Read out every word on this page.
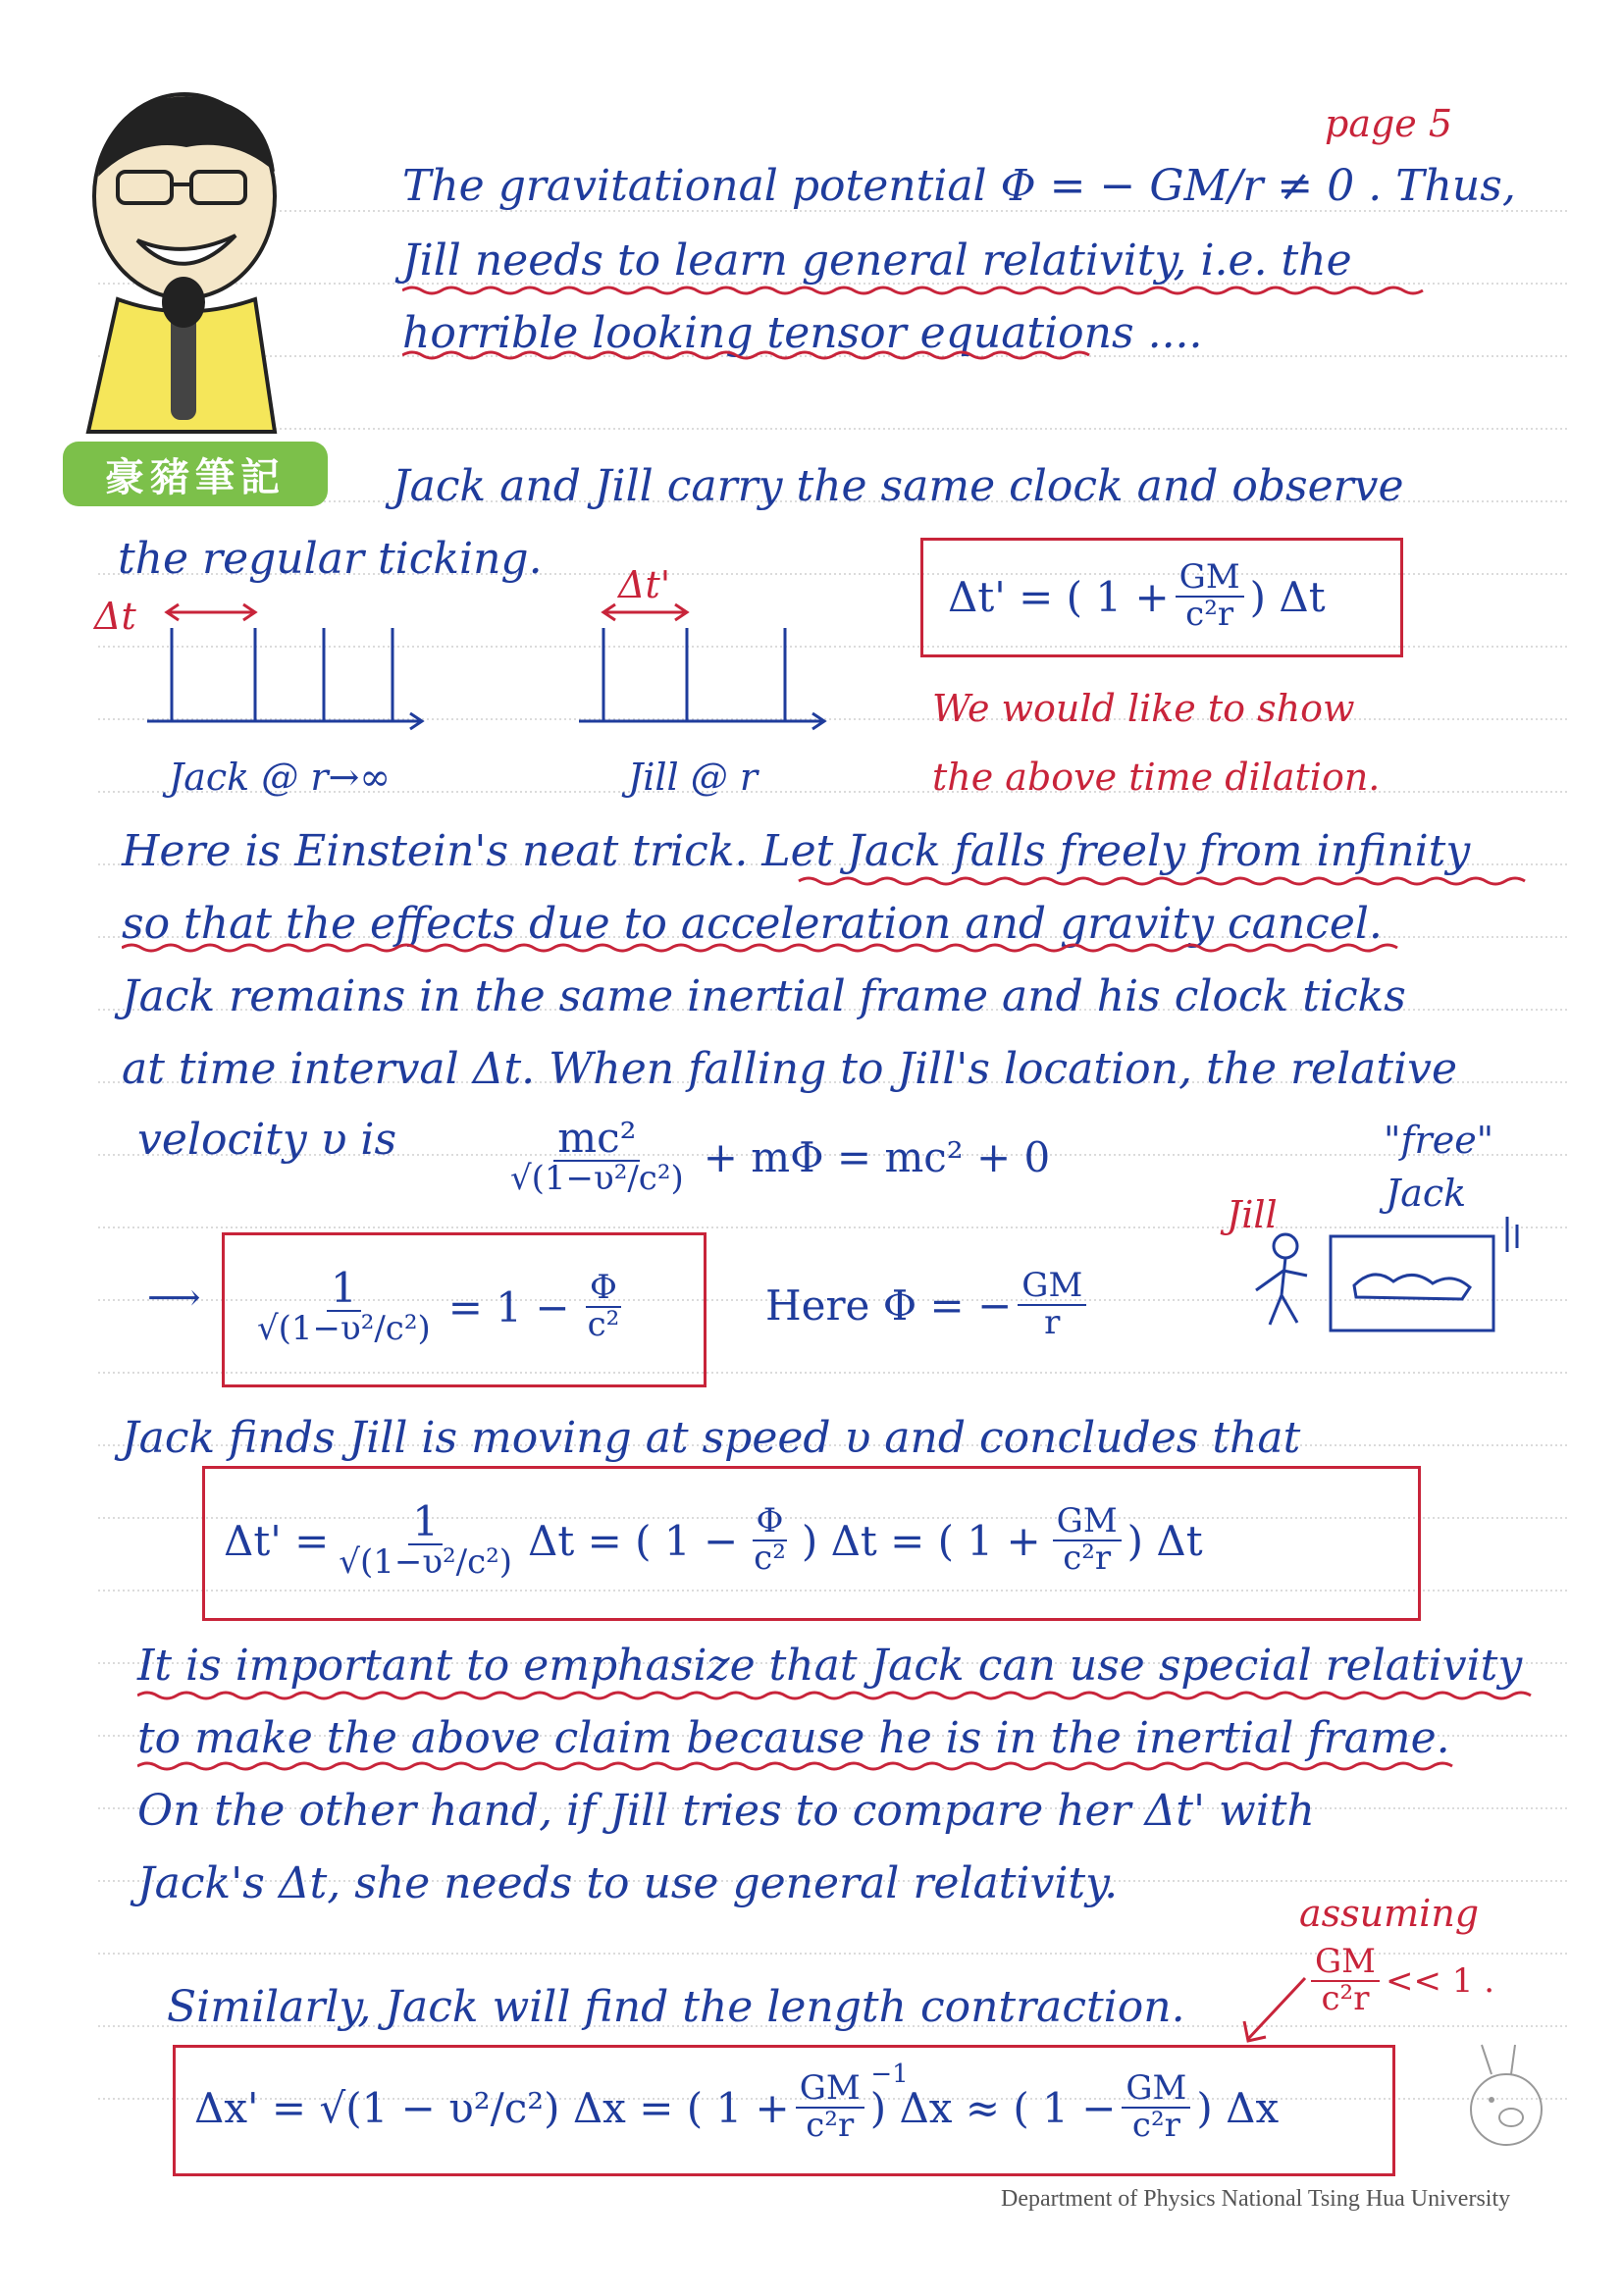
豪豬筆記
page 5
The gravitational potential Φ = − GM/r ≠ 0 . Thus,
Jill needs to learn general relativity, i.e. the
horrible looking tensor equations ....
Jack and Jill carry the same clock and observe
the regular ticking.
Δt
Δt'
Jack @ r→∞	Jill @ r
Δt' = ( $1 + \frac{GM}{\text{c²r}}$ ) Δt
We would like to show
the above time dilation.
Here is Einstein's neat trick. Let Jack falls freely from infinity
so that the effects due to acceleration and gravity cancel.
Jack remains in the same inertial frame and his clock ticks
at time interval Δt. When falling to Jill's location, the relative
velocity υ is	$\frac{\text{mc²}}{\text{√(1−υ²/c²)}} + m\Phi = mc^2 + 0$
⟶ $\frac{1}{\text{√(1−υ²/c²)}} = 1 - \frac{\Phi}{\text{c²}}$	Here Φ = − $\frac{GM}{r}$
"free"
Jack
Jill
Jack finds Jill is moving at speed υ and concludes that
$\Delta t' = \frac{1}{\text{√(1−υ²/c²)}}$ Δt = ( $1 - \frac{\Phi}{\text{c²}}$ ) Δt = ( $1 + \frac{GM}{\text{c²r}}$ ) Δt
It is important to emphasize that Jack can use special relativity
to make the above claim because he is in the inertial frame.
On the other hand, if Jill tries to compare her Δt' with
Jack's Δt, she needs to use general relativity.
assuming
$\frac{GM}{\text{c²r}} << 1$ .
Similarly, Jack will find the length contraction.
Δx' = √(1 − υ²/c²) Δx = ( $1 + \frac{GM}{\text{c²r}}$ ) Δx ≈ ( 1 −
$^{-1}$	$\frac{GM}{\text{c²r}}$ ) Δx
Department of Physics National Tsing Hua University
